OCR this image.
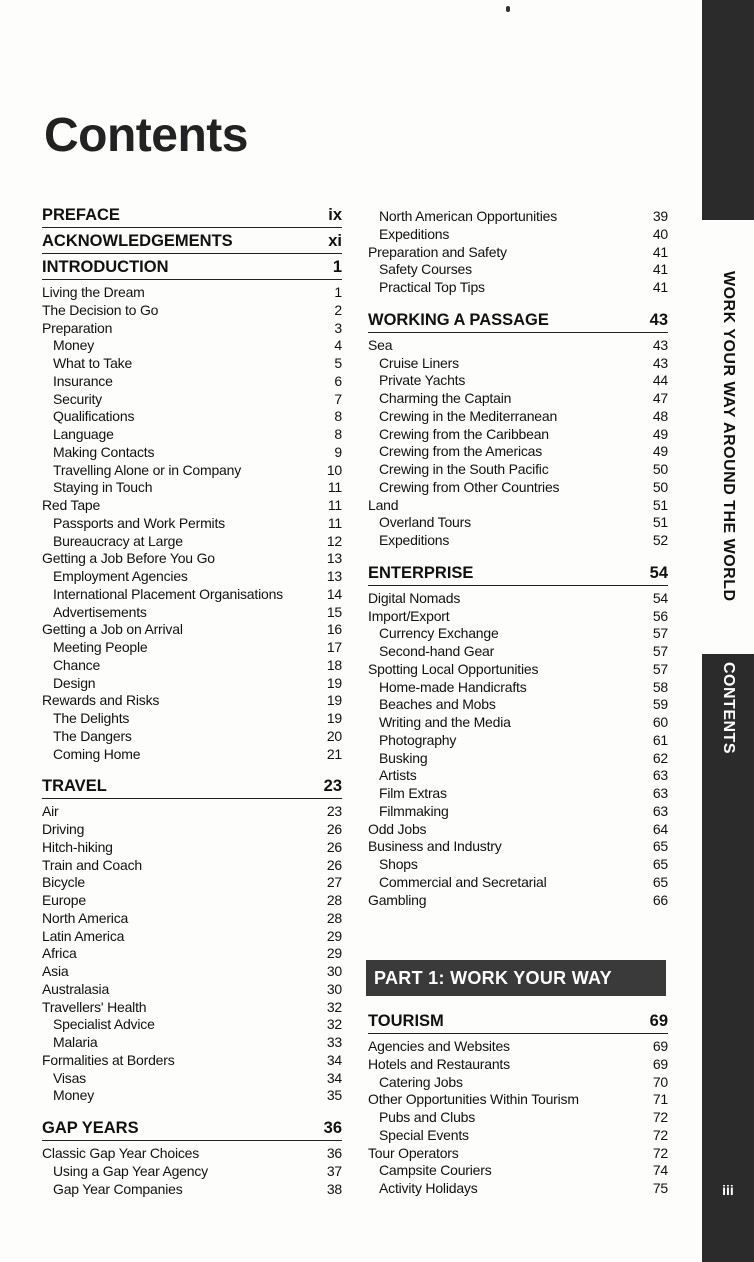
Contents
PREFACE	ix
ACKNOWLEDGEMENTS	xi
INTRODUCTION	1
Living the Dream	1
The Decision to Go	2
Preparation	3
Money	4
What to Take	5
Insurance	6
Security	7
Qualifications	8
Language	8
Making Contacts	9
Travelling Alone or in Company	10
Staying in Touch	11
Red Tape	11
Passports and Work Permits	11
Bureaucracy at Large	12
Getting a Job Before You Go	13
Employment Agencies	13
International Placement Organisations	14
Advertisements	15
Getting a Job on Arrival	16
Meeting People	17
Chance	18
Design	19
Rewards and Risks	19
The Delights	19
The Dangers	20
Coming Home	21
TRAVEL	23
Air	23
Driving	26
Hitch-hiking	26
Train and Coach	26
Bicycle	27
Europe	28
North America	28
Latin America	29
Africa	29
Asia	30
Australasia	30
Travellers' Health	32
Specialist Advice	32
Malaria	33
Formalities at Borders	34
Visas	34
Money	35
GAP YEARS	36
Classic Gap Year Choices	36
Using a Gap Year Agency	37
Gap Year Companies	38
North American Opportunities	39
Expeditions	40
Preparation and Safety	41
Safety Courses	41
Practical Top Tips	41
WORKING A PASSAGE	43
Sea	43
Cruise Liners	43
Private Yachts	44
Charming the Captain	47
Crewing in the Mediterranean	48
Crewing from the Caribbean	49
Crewing from the Americas	49
Crewing in the South Pacific	50
Crewing from Other Countries	50
Land	51
Overland Tours	51
Expeditions	52
ENTERPRISE	54
Digital Nomads	54
Import/Export	56
Currency Exchange	57
Second-hand Gear	57
Spotting Local Opportunities	57
Home-made Handicrafts	58
Beaches and Mobs	59
Writing and the Media	60
Photography	61
Busking	62
Artists	63
Film Extras	63
Filmmaking	63
Odd Jobs	64
Business and Industry	65
Shops	65
Commercial and Secretarial	65
Gambling	66
PART 1: WORK YOUR WAY
TOURISM	69
Agencies and Websites	69
Hotels and Restaurants	69
Catering Jobs	70
Other Opportunities Within Tourism	71
Pubs and Clubs	72
Special Events	72
Tour Operators	72
Campsite Couriers	74
Activity Holidays	75
WORK YOUR WAY AROUND THE WORLD
CONTENTS
iii
